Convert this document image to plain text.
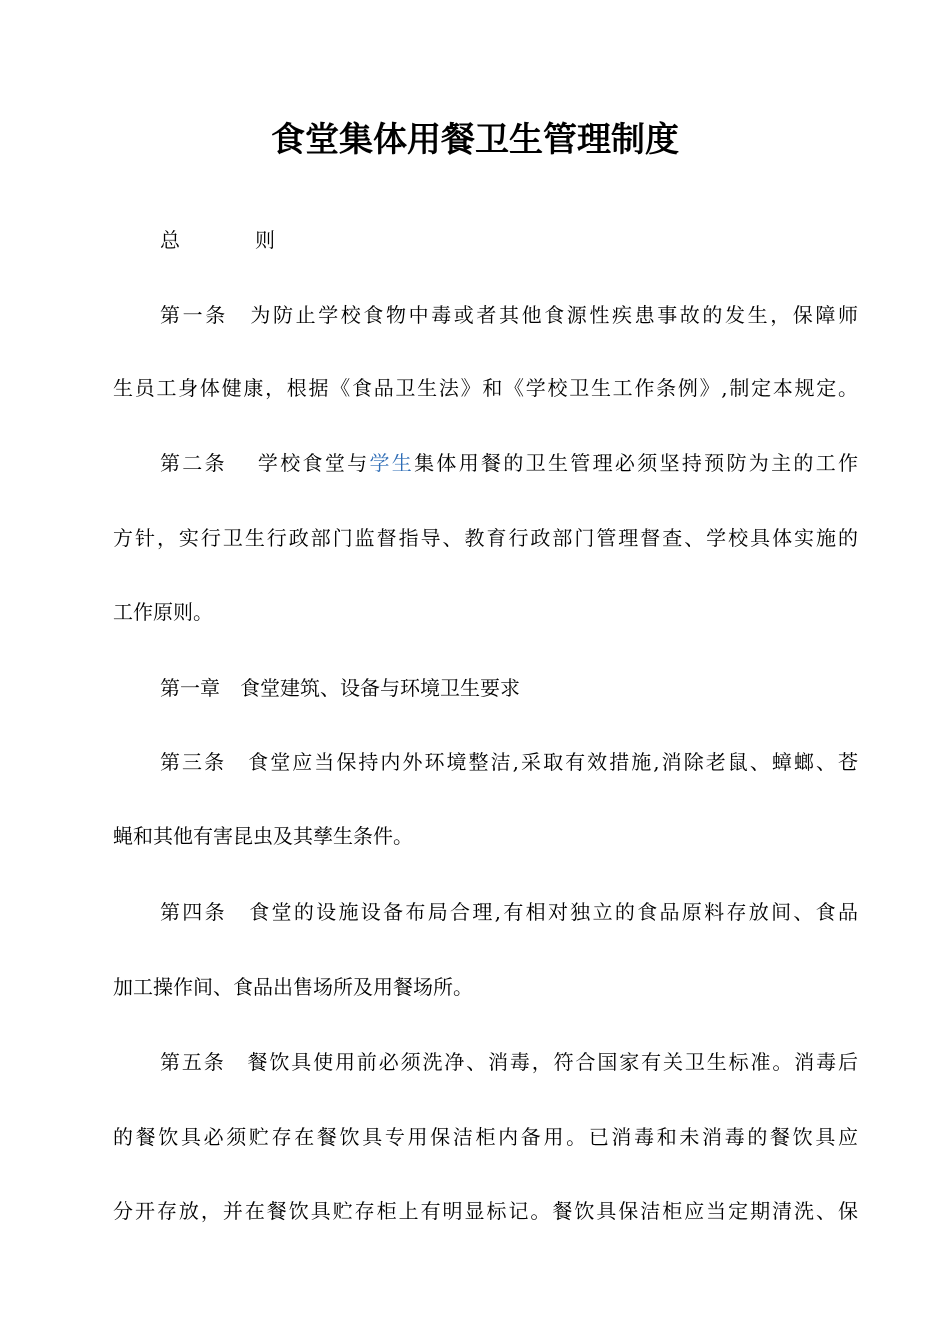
食堂集体用餐卫生管理制度
总	则
第一条　为防止学校食物中毒或者其他食源性疾患事故的发生，保障师
生员工身体健康，根据《食品卫生法》和《学校卫生工作条例》,制定本规定。
第二条　 学校食堂与学生集体用餐的卫生管理必须坚持预防为主的工作
方针，实行卫生行政部门监督指导、教育行政部门管理督查、学校具体实施的
工作原则。
第一章　食堂建筑、设备与环境卫生要求
第三条　食堂应当保持内外环境整洁,采取有效措施,消除老鼠、蟑螂、苍
蝇和其他有害昆虫及其孳生条件。
第四条　食堂的设施设备布局合理,有相对独立的食品原料存放间、食品
加工操作间、食品出售场所及用餐场所。
第五条　餐饮具使用前必须洗净、消毒，符合国家有关卫生标准。消毒后
的餐饮具必须贮存在餐饮具专用保洁柜内备用。已消毒和未消毒的餐饮具应
分开存放，并在餐饮具贮存柜上有明显标记。餐饮具保洁柜应当定期清洗、保
